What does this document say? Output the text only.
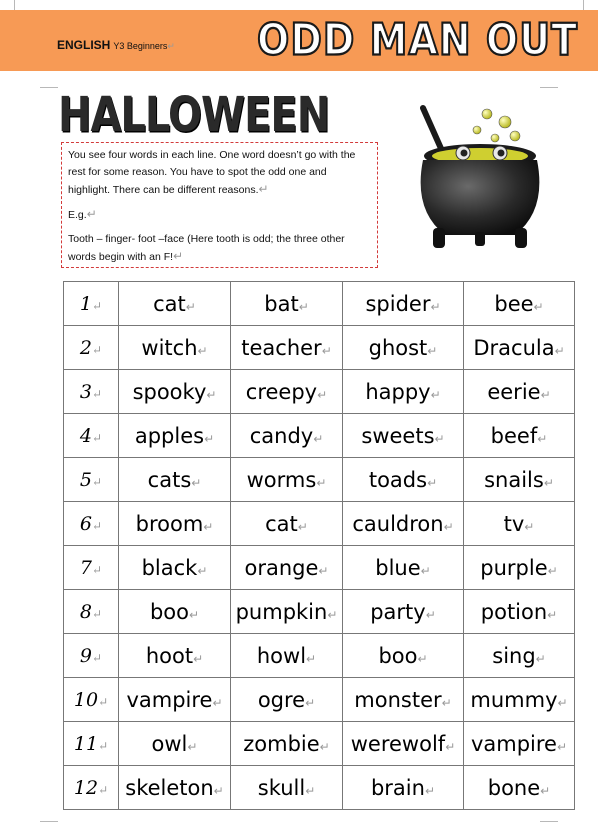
ENGLISH Y3 Beginners↵ ODD MAN OUT
HALLOWEEN

You see four words in each line. One word doesn’t go with the rest for some reason. You have to spot the odd one and highlight. There can be different reasons.↵

E.g.↵

Tooth – finger- foot –face (Here tooth is odd; the three other words begin with an F!↵

1↵	cat↵	bat↵	spider↵	bee↵
2↵	witch↵	teacher↵	ghost↵	Dracula↵
3↵	spooky↵	creepy↵	happy↵	eerie↵
4↵	apples↵	candy↵	sweets↵	beef↵
5↵	cats↵	worms↵	toads↵	snails↵
6↵	broom↵	cat↵	cauldron↵	tv↵
7↵	black↵	orange↵	blue↵	purple↵
8↵	boo↵	pumpkin↵	party↵	potion↵
9↵	hoot↵	howl↵	boo↵	sing↵
10↵	vampire↵	ogre↵	monster↵	mummy↵
11↵	owl↵	zombie↵	werewolf↵	vampire↵
12↵	skeleton↵	skull↵	brain↵	bone↵
